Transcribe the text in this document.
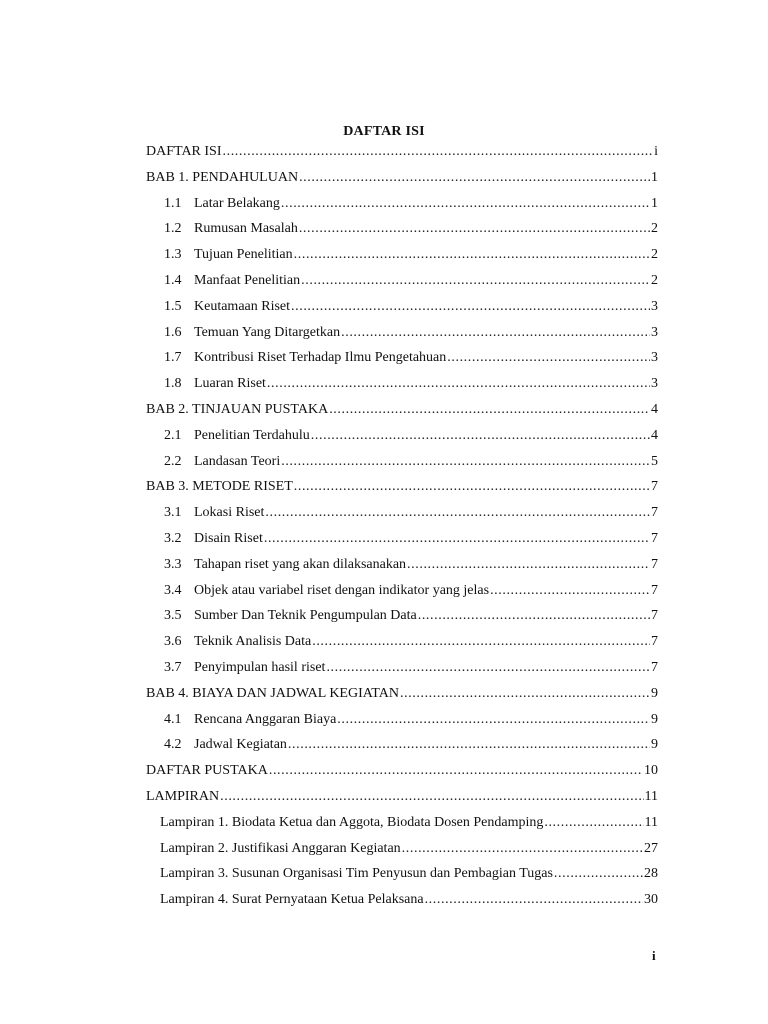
DAFTAR ISI
DAFTAR ISI .....	i
BAB 1. PENDAHULUAN .....	1
1.1 Latar Belakang .....	1
1.2 Rumusan Masalah .....	2
1.3 Tujuan Penelitian .....	2
1.4 Manfaat Penelitian .....	2
1.5 Keutamaan Riset .....	3
1.6 Temuan Yang Ditargetkan .....	3
1.7 Kontribusi Riset Terhadap Ilmu Pengetahuan .....	3
1.8 Luaran Riset .....	3
BAB 2. TINJAUAN PUSTAKA .....	4
2.1 Penelitian Terdahulu .....	4
2.2 Landasan Teori .....	5
BAB 3. METODE RISET .....	7
3.1 Lokasi Riset .....	7
3.2 Disain Riset .....	7
3.3 Tahapan riset yang akan dilaksanakan .....	7
3.4 Objek atau variabel riset dengan indikator yang jelas .....	7
3.5 Sumber Dan Teknik Pengumpulan Data .....	7
3.6 Teknik Analisis Data .....	7
3.7 Penyimpulan hasil riset .....	7
BAB 4. BIAYA DAN JADWAL KEGIATAN .....	9
4.1 Rencana Anggaran Biaya .....	9
4.2 Jadwal Kegiatan .....	9
DAFTAR PUSTAKA .....	10
LAMPIRAN .....	11
Lampiran 1. Biodata Ketua dan Aggota, Biodata Dosen Pendamping .....	11
Lampiran 2. Justifikasi Anggaran Kegiatan .....	27
Lampiran 3. Susunan Organisasi Tim Penyusun dan Pembagian Tugas .....	28
Lampiran 4. Surat Pernyataan Ketua Pelaksana .....	30
i
